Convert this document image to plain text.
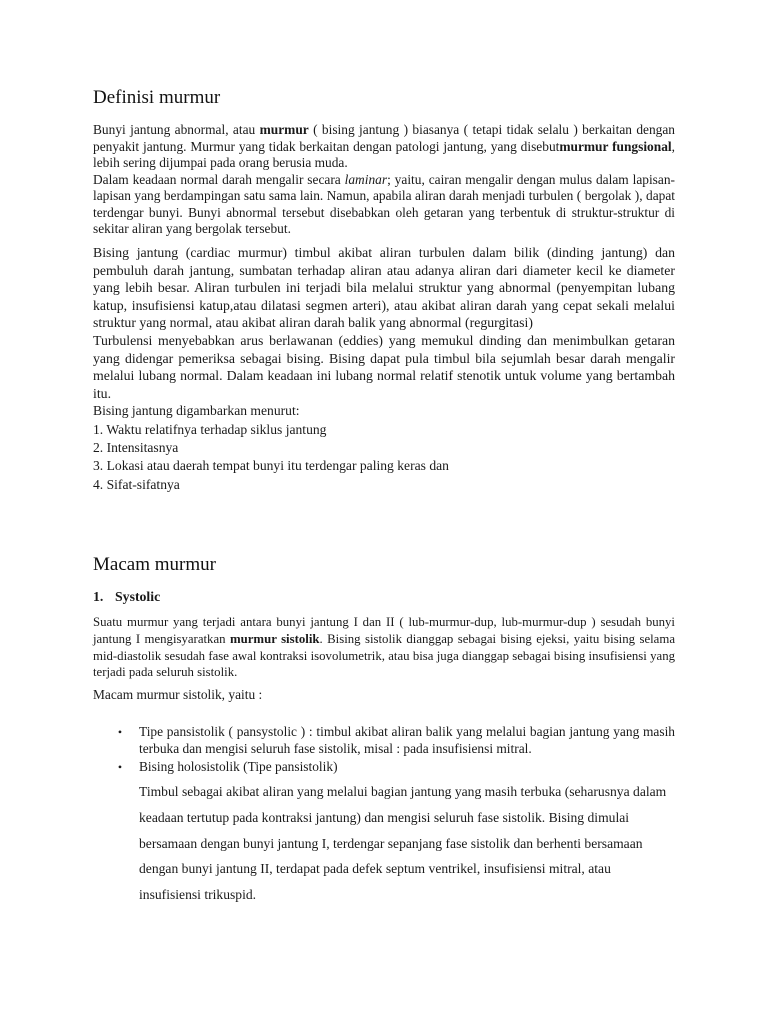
Definisi murmur

Bunyi jantung abnormal, atau murmur ( bising jantung ) biasanya ( tetapi tidak selalu ) berkaitan dengan penyakit jantung. Murmur yang tidak berkaitan dengan patologi jantung, yang disebutmurmur fungsional, lebih sering dijumpai pada orang berusia muda.

Dalam keadaan normal darah mengalir secara laminar; yaitu, cairan mengalir dengan mulus dalam lapisan-lapisan yang berdampingan satu sama lain. Namun, apabila aliran darah menjadi turbulen ( bergolak ), dapat terdengar bunyi. Bunyi abnormal tersebut disebabkan oleh getaran yang terbentuk di struktur-struktur di sekitar aliran yang bergolak tersebut.

Bising jantung (cardiac murmur) timbul akibat aliran turbulen dalam bilik (dinding jantung) dan pembuluh darah jantung, sumbatan terhadap aliran atau adanya aliran dari diameter kecil ke diameter yang lebih besar. Aliran turbulen ini terjadi bila melalui struktur yang abnormal (penyempitan lubang katup, insufisiensi katup,atau dilatasi segmen arteri), atau akibat aliran darah yang cepat sekali melalui struktur yang normal, atau akibat aliran darah balik yang abnormal (regurgitasi)

Turbulensi menyebabkan arus berlawanan (eddies) yang memukul dinding dan menimbulkan getaran yang didengar pemeriksa sebagai bising. Bising dapat pula timbul bila sejumlah besar darah mengalir melalui lubang normal. Dalam keadaan ini lubang normal relatif stenotik untuk volume yang bertambah itu.

Bising jantung digambarkan menurut:

1. Waktu relatifnya terhadap siklus jantung

2. Intensitasnya

3. Lokasi atau daerah tempat bunyi itu terdengar paling keras dan

4. Sifat-sifatnya

Macam murmur

1. Systolic

Suatu murmur yang terjadi antara bunyi jantung I dan II ( lub-murmur-dup, lub-murmur-dup ) sesudah bunyi jantung I mengisyaratkan murmur sistolik. Bising sistolik dianggap sebagai bising ejeksi, yaitu bising selama mid-diastolik sesudah fase awal kontraksi isovolumetrik, atau bisa juga dianggap sebagai bising insufisiensi yang terjadi pada seluruh sistolik.

Macam murmur sistolik, yaitu :

•	Tipe pansistolik ( pansystolic ) : timbul akibat aliran balik yang melalui bagian jantung yang masih terbuka dan mengisi seluruh fase sistolik, misal : pada insufisiensi mitral.

•	Bising holosistolik (Tipe pansistolik)

Timbul sebagai akibat aliran yang melalui bagian jantung yang masih terbuka (seharusnya dalam keadaan tertutup pada kontraksi jantung) dan mengisi seluruh fase sistolik. Bising dimulai bersamaan dengan bunyi jantung I, terdengar sepanjang fase sistolik dan berhenti bersamaan dengan bunyi jantung II, terdapat pada defek septum ventrikel, insufisiensi mitral, atau insufisiensi trikuspid.
